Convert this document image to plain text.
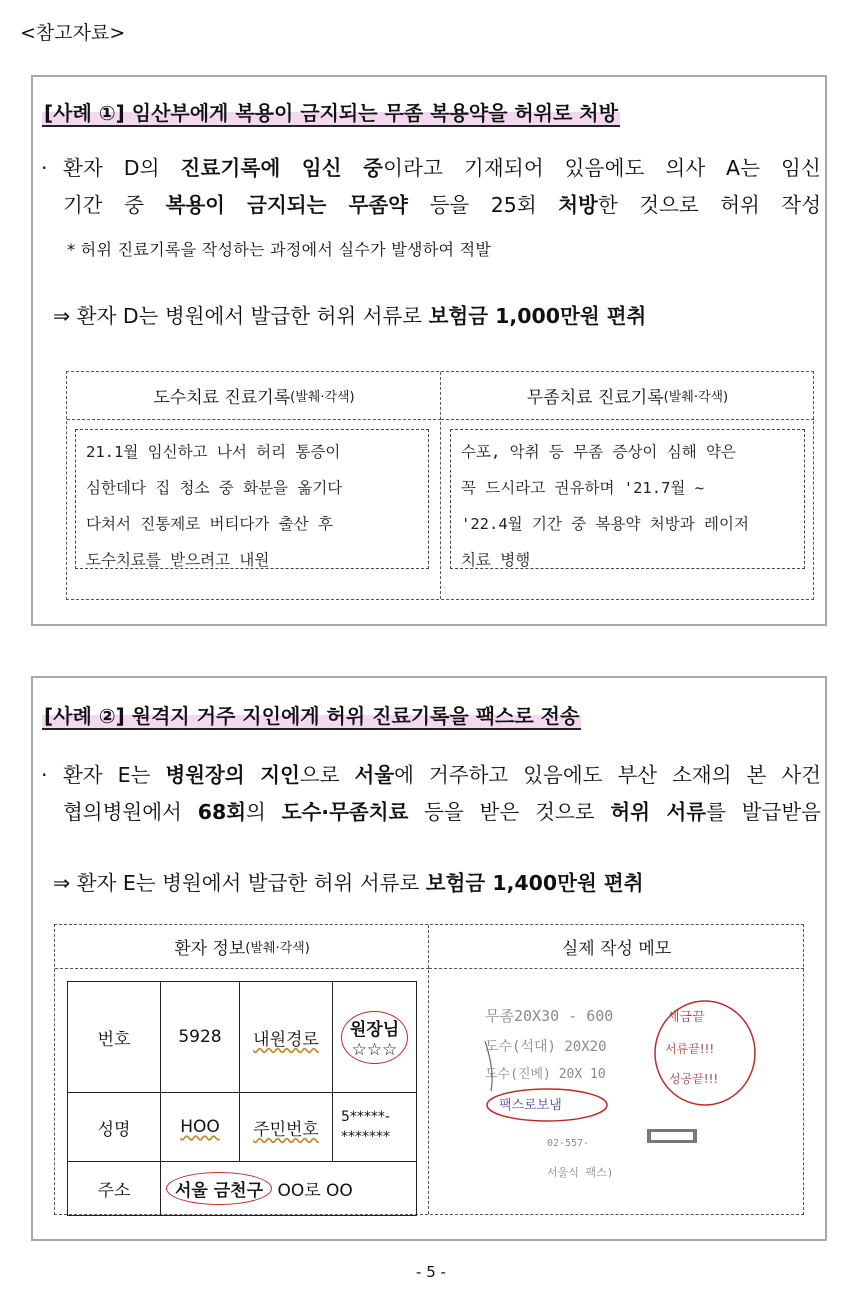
<참고자료>
[사례 ①] 임산부에게 복용이 금지되는 무좀 복용약을 허위로 처방
· 환자 D의 진료기록에 임신 중이라고 기재되어 있음에도 의사 A는 임신
기간 중 복용이 금지되는 무좀약 등을 25회 처방한 것으로 허위 작성
* 허위 진료기록을 작성하는 과정에서 실수가 발생하여 적발
⇒ 환자 D는 병원에서 발급한 허위 서류로 보험금 1,000만원 편취
도수치료 진료기록 (발췌·각색)	무좀치료 진료기록 (발췌·각색)
21.1월 임신하고 나서 허리 통증이
심한데다 집 청소 중 화분을 옮기다
다쳐서 진통제로 버티다가 출산 후
도수치료를 받으려고 내원
수포, 악취 등 무좀 증상이 심해 약은
꼭 드시라고 권유하며 '21.7월 ~
'22.4월 기간 중 복용약 처방과 레이저
치료 병행
[사례 ②] 원격지 거주 지인에게 허위 진료기록을 팩스로 전송
· 환자 E는 병원장의 지인으로 서울에 거주하고 있음에도 부산 소재의 본 사건
협의병원에서 68회의 도수·무좀치료 등을 받은 것으로 허위 서류를 발급받음
⇒ 환자 E는 병원에서 발급한 허위 서류로 보험금 1,400만원 편취
환자 정보 (발췌·각색)	실제 작성 메모
번호	5928	내원경로	원장님
☆☆☆
성명	HOO	주민번호	5*****-
*******
주소	서울 금천구 OO로 OO		
무좀20X30 - 600
도수(석대) 20X20
도수(진베) 20X 10
02-557-
서울식 팩스)
세금끝
서류끝!!!
성공끝!!!
팩스로보냄
- 5 -
